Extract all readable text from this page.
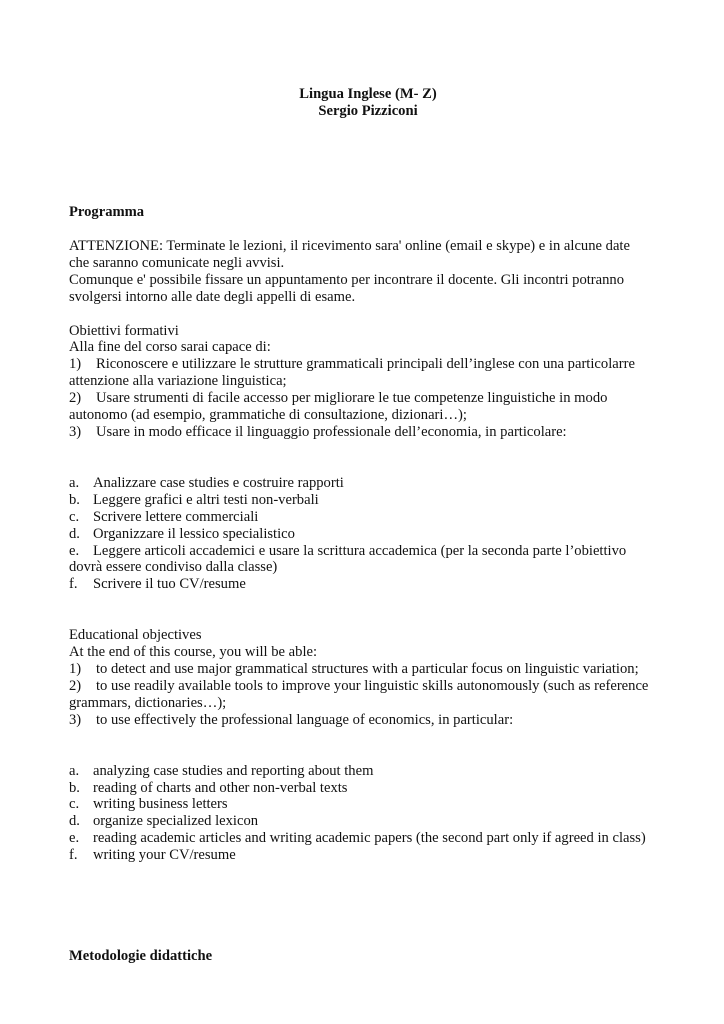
Lingua Inglese (M- Z)
Sergio Pizziconi

Programma

ATTENZIONE: Terminate le lezioni, il ricevimento sara' online (email e skype) e in alcune date
che saranno comunicate negli avvisi.
Comunque e' possibile fissare un appuntamento per incontrare il docente. Gli incontri potranno
svolgersi intorno alle date degli appelli di esame.

Obiettivi formativi
Alla fine del corso sarai capace di:

1) Riconoscere e utilizzare le strutture grammaticali principali dell’inglese con una particolarre
attenzione alla variazione linguistica;
2) Usare strumenti di facile accesso per migliorare le tue competenze linguistiche in modo
autonomo (ad esempio, grammatiche di consultazione, dizionari…);
3) Usare in modo efficace il linguaggio professionale dell’economia, in particolare:
a. Analizzare case studies e costruire rapporti
b. Leggere grafici e altri testi non-verbali
c. Scrivere lettere commerciali
d. Organizzare il lessico specialistico
e. Leggere articoli accademici e usare la scrittura accademica (per la seconda parte l’obiettivo
dovrà essere condiviso dalla classe)
f. Scrivere il tuo CV/resume

Educational objectives
At the end of this course, you will be able:

1) to detect and use major grammatical structures with a particular focus on linguistic variation;
2) to use readily available tools to improve your linguistic skills autonomously (such as reference
grammars, dictionaries…);
3) to use effectively the professional language of economics, in particular:
a. analyzing case studies and reporting about them
b. reading of charts and other non-verbal texts
c. writing business letters
d. organize specialized lexicon
e. reading academic articles and writing academic papers (the second part only if agreed in class)
f. writing your CV/resume

Metodologie didattiche
